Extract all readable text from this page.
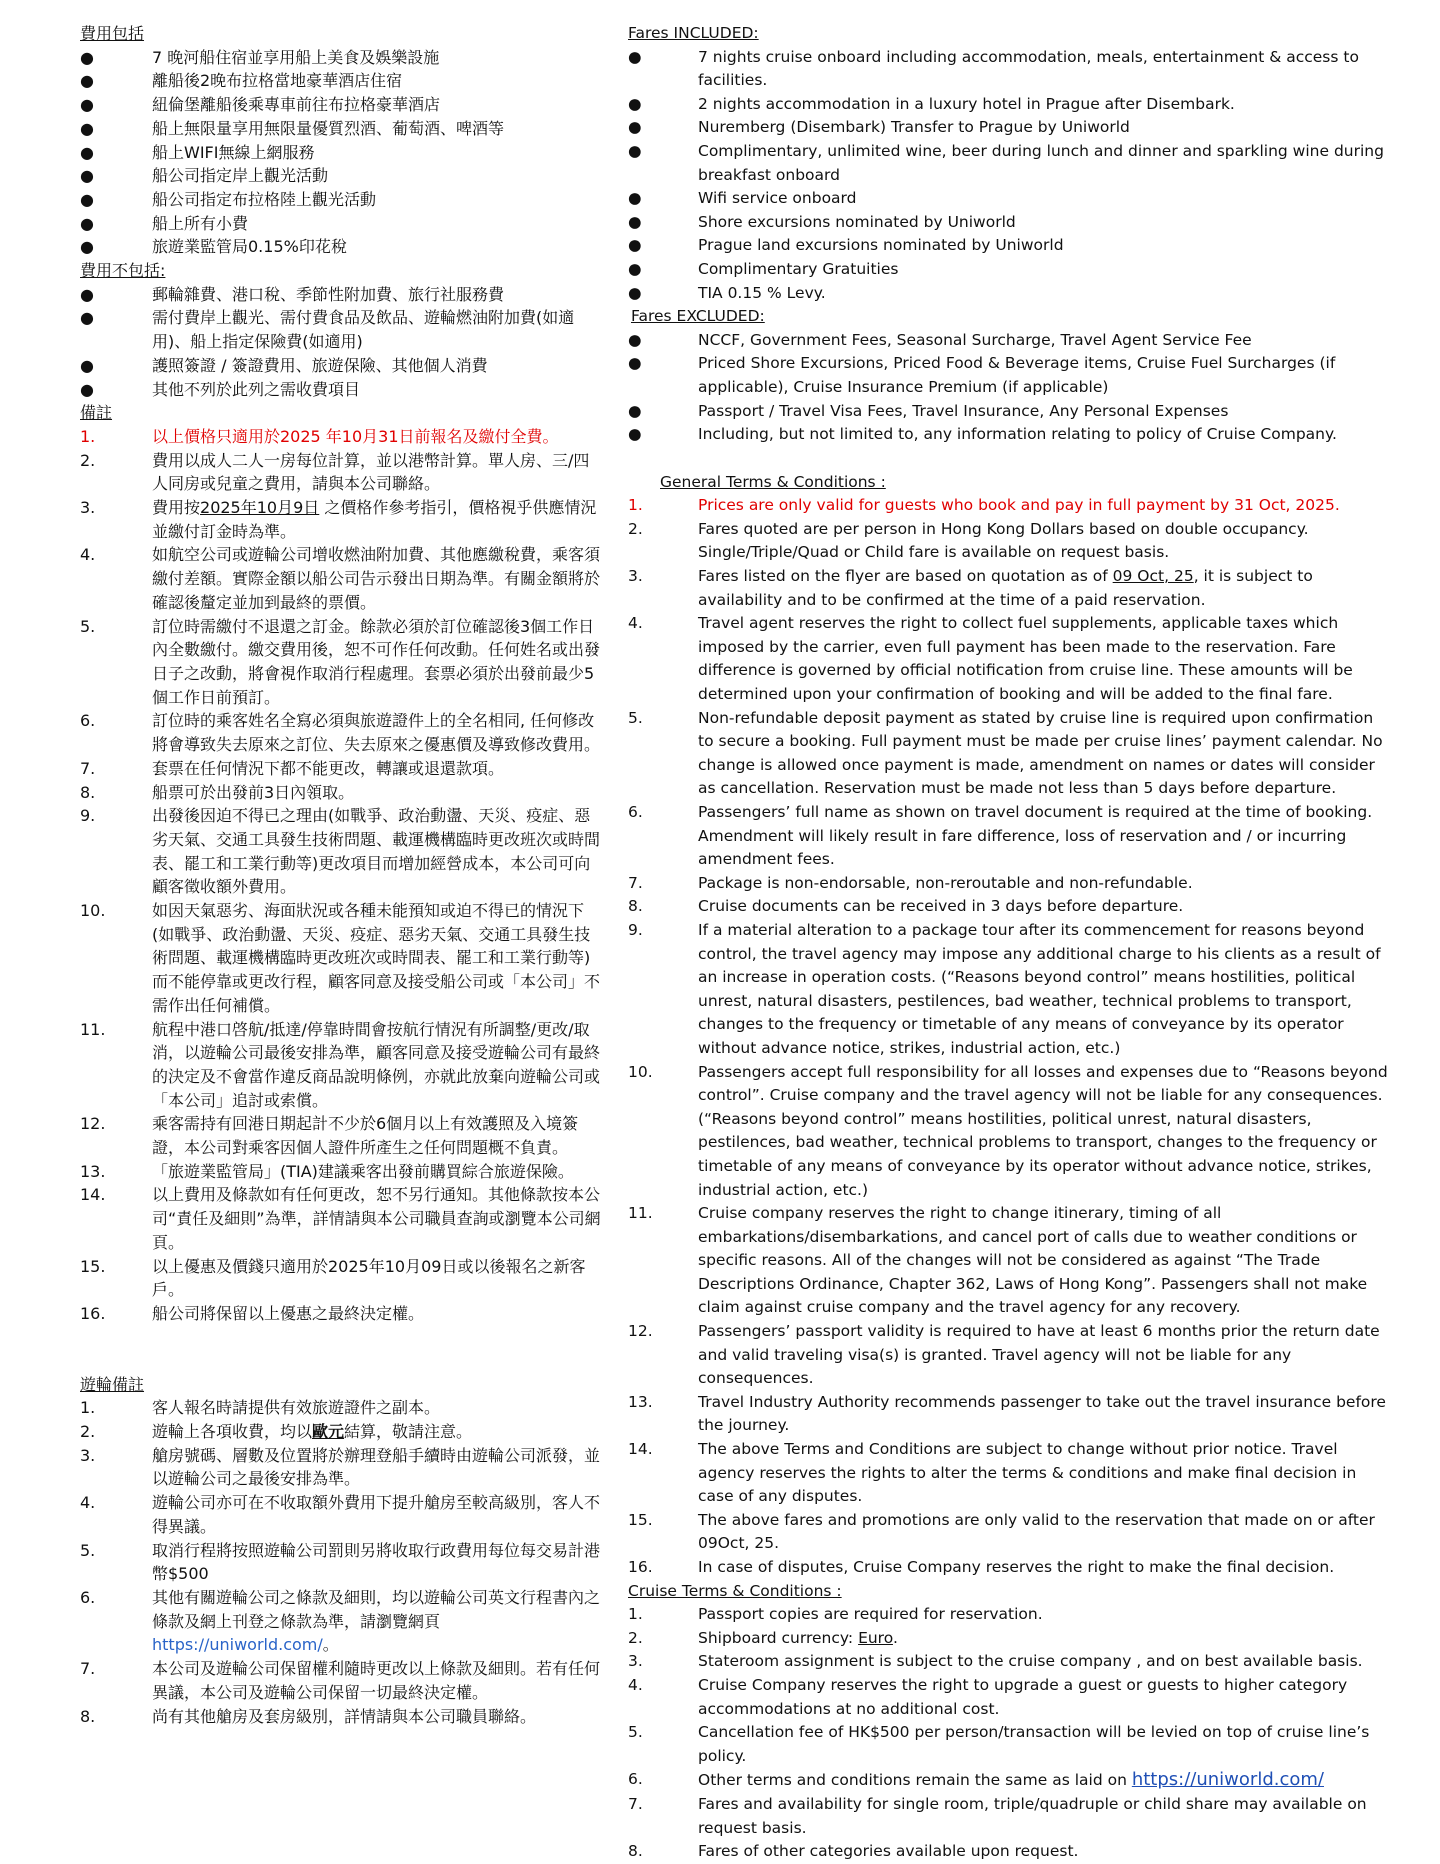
費用包括
●	7 晚河船住宿並享用船上美食及娛樂設施
●	離船後2晚布拉格當地豪華酒店住宿
●	紐倫堡離船後乘專車前往布拉格豪華酒店
●	船上無限量享用無限量優質烈酒、葡萄酒、啤酒等
●	船上WIFI無線上網服務
●	船公司指定岸上觀光活動
●	船公司指定布拉格陸上觀光活動
●	船上所有小費
●	旅遊業監管局0.15%印花稅
費用不包括:
●	郵輪雜費、港口稅、季節性附加費、旅行社服務費
●	需付費岸上觀光、需付費食品及飲品、遊輪燃油附加費(如適用)、船上指定保險費(如適用)
●	護照簽證 / 簽證費用、旅遊保險、其他個人消費
●	其他不列於此列之需收費項目
備註
1.	以上價格只適用於2025 年10月31日前報名及繳付全費。
2.	費用以成人二人一房每位計算，並以港幣計算。單人房、三/四人同房或兒童之費用，請與本公司聯絡。
3.	費用按2025年10月9日 之價格作參考指引，價格視乎供應情況並繳付訂金時為準。
4.	如航空公司或遊輪公司增收燃油附加費、其他應繳稅費，乘客須繳付差額。實際金額以船公司告示發出日期為準。有關金額將於確認後釐定並加到最終的票價。
5.	訂位時需繳付不退還之訂金。餘款必須於訂位確認後3個工作日內全數繳付。繳交費用後，恕不可作任何改動。任何姓名或出發日子之改動，將會視作取消行程處理。套票必須於出發前最少5個工作日前預訂。
6.	訂位時的乘客姓名全寫必須與旅遊證件上的全名相同, 任何修改將會導致失去原來之訂位、失去原來之優惠價及導致修改費用。
7.	套票在任何情況下都不能更改，轉讓或退還款項。
8.	船票可於出發前3日內領取。
9.	出發後因迫不得已之理由(如戰爭、政治動盪、天災、疫症、惡劣天氣、交通工具發生技術問題、載運機構臨時更改班次或時間表、罷工和工業行動等)更改項目而增加經營成本，本公司可向顧客徵收額外費用。
10.	如因天氣惡劣、海面狀況或各種未能預知或迫不得已的情況下(如戰爭、政治動盪、天災、疫症、惡劣天氣、交通工具發生技術問題、載運機構臨時更改班次或時間表、罷工和工業行動等)而不能停靠或更改行程，顧客同意及接受船公司或「本公司」不需作出任何補償。
11.	航程中港口啓航/抵達/停靠時間會按航行情況有所調整/更改/取消，以遊輪公司最後安排為準，顧客同意及接受遊輪公司有最終的決定及不會當作違反商品說明條例，亦就此放棄向遊輪公司或「本公司」追討或索償。
12.	乘客需持有回港日期起計不少於6個月以上有效護照及入境簽證，本公司對乘客因個人證件所產生之任何問題概不負責。
13.	「旅遊業監管局」(TIA)建議乘客出發前購買綜合旅遊保險。
14.	以上費用及條款如有任何更改，恕不另行通知。其他條款按本公司“責任及細則”為準，詳情請與本公司職員查詢或瀏覽本公司網頁。
15.	以上優惠及價錢只適用於2025年10月09日或以後報名之新客戶。
16.	船公司將保留以上優惠之最終決定權。
遊輪備註
1.	客人報名時請提供有效旅遊證件之副本。
2.	遊輪上各項收費，均以歐元結算，敬請注意。
3.	艙房號碼、層數及位置將於辦理登船手續時由遊輪公司派發，並以遊輪公司之最後安排為準。
4.	遊輪公司亦可在不收取額外費用下提升艙房至較高級別，客人不得異議。
5.	取消行程將按照遊輪公司罰則另將收取行政費用每位每交易計港幣$500
6.	其他有關遊輪公司之條款及細則，均以遊輪公司英文行程書內之條款及網上刊登之條款為準，請瀏覽網頁
https://uniworld.com/。
7.	本公司及遊輪公司保留權利隨時更改以上條款及細則。若有任何異議，本公司及遊輪公司保留一切最終決定權。
8.	尚有其他艙房及套房級別，詳情請與本公司職員聯絡。
Fares INCLUDED:
●	7 nights cruise onboard including accommodation, meals, entertainment & access to facilities.
●	2 nights accommodation in a luxury hotel in Prague after Disembark.
●	Nuremberg (Disembark) Transfer to Prague by Uniworld
●	Complimentary, unlimited wine, beer during lunch and dinner and sparkling wine during breakfast onboard
●	Wifi service onboard
●	Shore excursions nominated by Uniworld
●	Prague land excursions nominated by Uniworld
●	Complimentary Gratuities
●	TIA 0.15 % Levy.
Fares EXCLUDED:
●	NCCF, Government Fees, Seasonal Surcharge, Travel Agent Service Fee
●	Priced Shore Excursions, Priced Food & Beverage items, Cruise Fuel Surcharges (if applicable), Cruise Insurance Premium (if applicable)
●	Passport / Travel Visa Fees, Travel Insurance, Any Personal Expenses
●	Including, but not limited to, any information relating to policy of Cruise Company.
General Terms & Conditions :
1.	Prices are only valid for guests who book and pay in full payment by 31 Oct, 2025.
2.	Fares quoted are per person in Hong Kong Dollars based on double occupancy. Single/Triple/Quad or Child fare is available on request basis.
3.	Fares listed on the flyer are based on quotation as of 09 Oct, 25, it is subject to availability and to be confirmed at the time of a paid reservation.
4.	Travel agent reserves the right to collect fuel supplements, applicable taxes which imposed by the carrier, even full payment has been made to the reservation. Fare difference is governed by official notification from cruise line. These amounts will be determined upon your confirmation of booking and will be added to the final fare.
5.	Non-refundable deposit payment as stated by cruise line is required upon confirmation to secure a booking. Full payment must be made per cruise lines’ payment calendar. No change is allowed once payment is made, amendment on names or dates will consider as cancellation. Reservation must be made not less than 5 days before departure.
6.	Passengers’ full name as shown on travel document is required at the time of booking. Amendment will likely result in fare difference, loss of reservation and / or incurring amendment fees.
7.	Package is non-endorsable, non-reroutable and non-refundable.
8.	Cruise documents can be received in 3 days before departure.
9.	If a material alteration to a package tour after its commencement for reasons beyond control, the travel agency may impose any additional charge to his clients as a result of an increase in operation costs. (“Reasons beyond control” means hostilities, political unrest, natural disasters, pestilences, bad weather, technical problems to transport, changes to the frequency or timetable of any means of conveyance by its operator without advance notice, strikes, industrial action, etc.)
10.	Passengers accept full responsibility for all losses and expenses due to “Reasons beyond control”. Cruise company and the travel agency will not be liable for any consequences. (“Reasons beyond control” means hostilities, political unrest, natural disasters, pestilences, bad weather, technical problems to transport, changes to the frequency or timetable of any means of conveyance by its operator without advance notice, strikes, industrial action, etc.)
11.	Cruise company reserves the right to change itinerary, timing of all embarkations/disembarkations, and cancel port of calls due to weather conditions or specific reasons. All of the changes will not be considered as against “The Trade Descriptions Ordinance, Chapter 362, Laws of Hong Kong”. Passengers shall not make claim against cruise company and the travel agency for any recovery.
12.	Passengers’ passport validity is required to have at least 6 months prior the return date and valid traveling visa(s) is granted. Travel agency will not be liable for any consequences.
13.	Travel Industry Authority recommends passenger to take out the travel insurance before the journey.
14.	The above Terms and Conditions are subject to change without prior notice. Travel agency reserves the rights to alter the terms & conditions and make final decision in case of any disputes.
15.	The above fares and promotions are only valid to the reservation that made on or after 09Oct, 25.
16.	In case of disputes, Cruise Company reserves the right to make the final decision.
Cruise Terms & Conditions :
1.	Passport copies are required for reservation.
2.	Shipboard currency: Euro.
3.	Stateroom assignment is subject to the cruise company , and on best available basis.
4.	Cruise Company reserves the right to upgrade a guest or guests to higher category accommodations at no additional cost.
5.	Cancellation fee of HK$500 per person/transaction will be levied on top of cruise line’s policy.
6.	Other terms and conditions remain the same as laid on https://uniworld.com/
7.	Fares and availability for single room, triple/quadruple or child share may available on request basis.
8.	Fares of other categories available upon request.
